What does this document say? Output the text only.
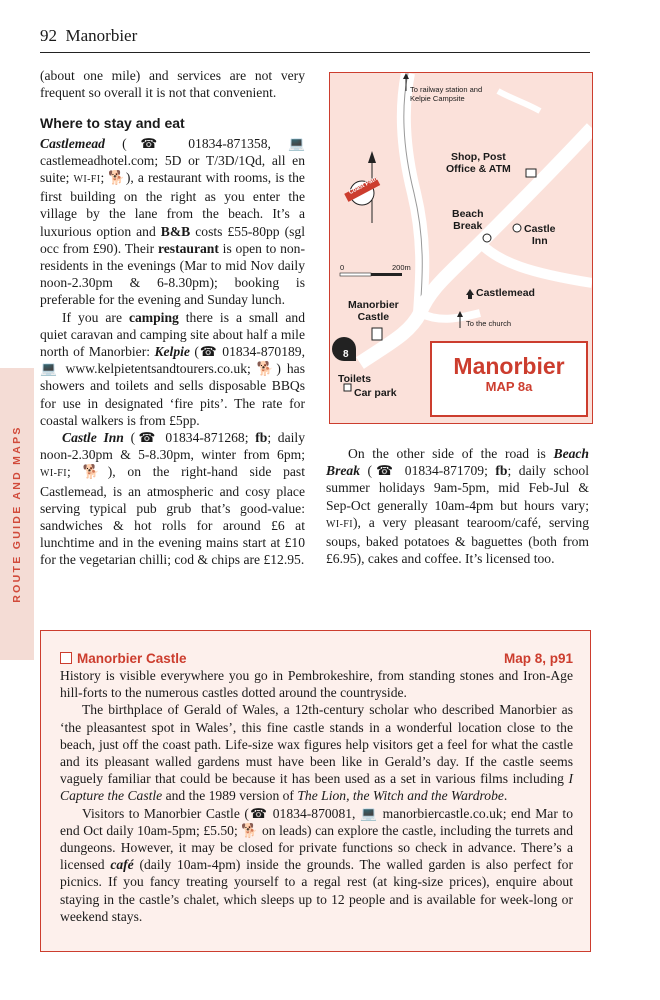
92 Manorbier
ROUTE GUIDE AND MAPS

(about one mile) and services are not very frequent so overall it is not that convenient.

Where to stay and eat

Castlemead (☎ 01834-871358, 💻 castlemeadhotel.com; 5D or T/3D/1Qd, all en suite; WI-FI; 🐕), a restaurant with rooms, is the first building on the right as you enter the village by the lane from the beach. It’s a luxurious option and B&B costs £55-80pp (sgl occ from £90). Their restaurant is open to non-residents in the evenings (Mar to mid Nov daily noon-2.30pm & 6-8.30pm); booking is preferable for the evening and Sunday lunch.

If you are camping there is a small and quiet caravan and camping site about half a mile north of Manorbier: Kelpie (☎ 01834-870189, 💻 www.kelpietentsandtourers.co.uk; 🐕) has showers and toilets and sells disposable BBQs for use in designated ‘fire pits’. The rate for coastal walkers is from £5pp.

Castle Inn (☎ 01834-871268; fb; daily noon-2.30pm & 5-8.30pm, winter from 6pm; WI-FI; 🐕), on the right-hand side past Castlemead, is an atmospheric and cosy place serving typical pub grub that’s good-value: sandwiches & hot rolls for around £6 at lunchtime and in the evening mains start at £10 for the vegetarian chilli; cod & chips are £12.95.

To railway station and
Kelpie Campsite
Coast Path
Shop, Post
Office & ATM
Beach
Break	Castle
Inn
0	200m
Castlemead
Manorbier
Castle
To the church
8
Toilets
Car park
Manorbier
MAP 8a

On the other side of the road is Beach Break (☎ 01834-871709; fb; daily school summer holidays 9am-5pm, mid Feb-Jul & Sep-Oct generally 10am-4pm but hours vary; WI-FI), a very pleasant tearoom/café, serving soups, baked potatoes & baguettes (both from £6.95), cakes and coffee. It’s licensed too.

Manorbier Castle	Map 8, p91

History is visible everywhere you go in Pembrokeshire, from standing stones and Iron-Age hill-forts to the numerous castles dotted around the countryside.

The birthplace of Gerald of Wales, a 12th-century scholar who described Manorbier as ‘the pleasantest spot in Wales’, this fine castle stands in a wonderful location close to the beach, just off the coast path. Life-size wax figures help visitors get a feel for what the castle and its pleasant walled gardens must have been like in Gerald’s day. If the castle seems vaguely familiar that could be because it has been used as a set in various films including I Capture the Castle and the 1989 version of The Lion, the Witch and the Wardrobe.

Visitors to Manorbier Castle (☎ 01834-870081, 💻 manorbiercastle.co.uk; end Mar to end Oct daily 10am-5pm; £5.50; 🐕 on leads) can explore the castle, including the turrets and dungeons. However, it may be closed for private functions so check in advance. There’s a licensed café (daily 10am-4pm) inside the grounds. The walled garden is also perfect for picnics. If you fancy treating yourself to a regal rest (at king-size prices), enquire about staying in the castle’s chalet, which sleeps up to 12 people and is available for week-long or weekend stays.
